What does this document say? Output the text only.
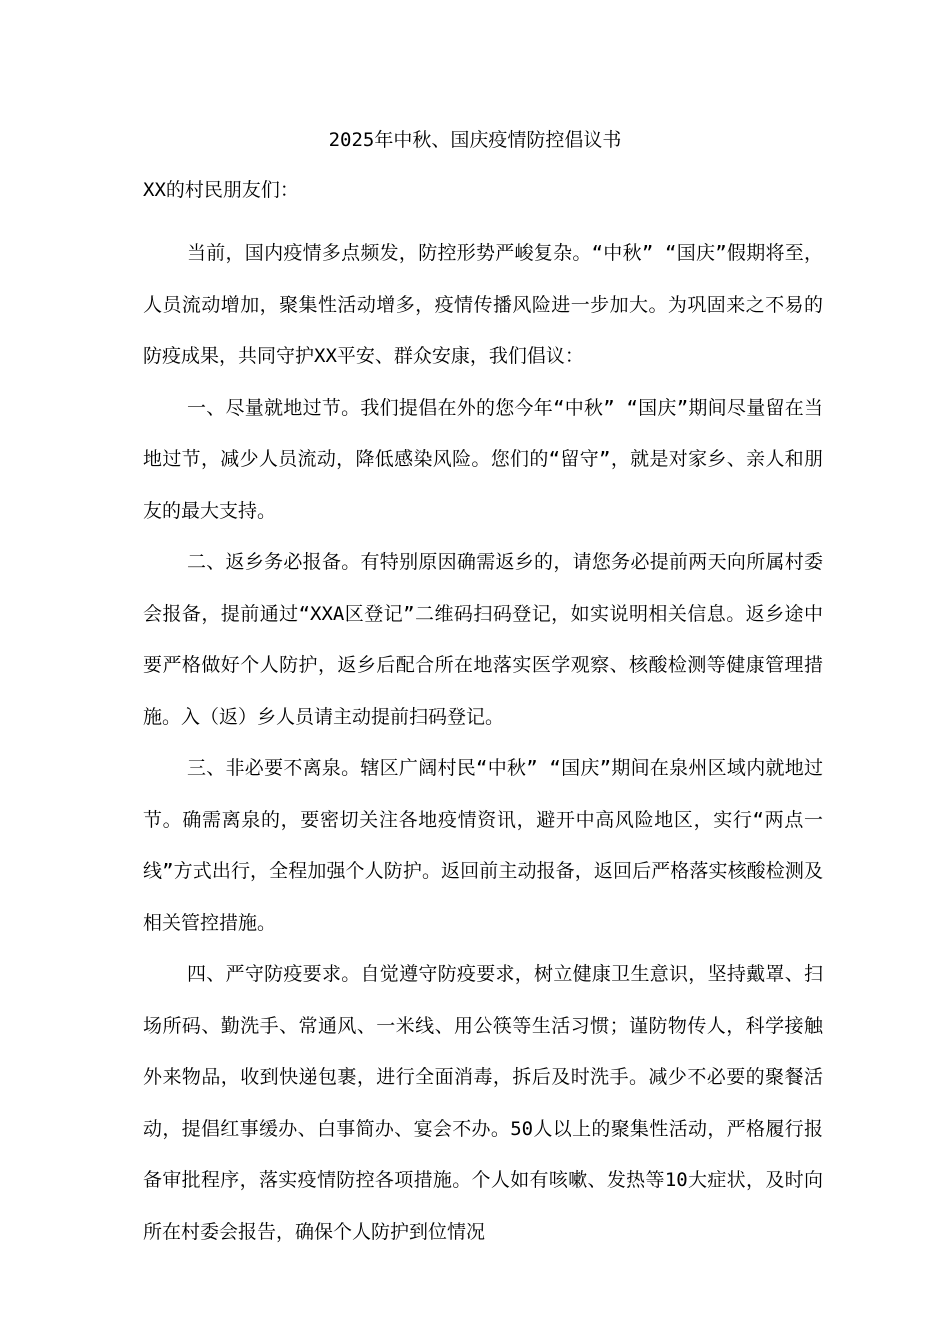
2025年中秋、国庆疫情防控倡议书
XX的村民朋友们：

当前，国内疫情多点频发，防控形势严峻复杂。“中秋” “国庆”假期将至，人员流动增加，聚集性活动增多，疫情传播风险进一步加大。为巩固来之不易的防疫成果，共同守护XX平安、群众安康，我们倡议：

一、尽量就地过节。我们提倡在外的您今年“中秋” “国庆”期间尽量留在当地过节，减少人员流动，降低感染风险。您们的“留守”，就是对家乡、亲人和朋友的最大支持。

二、返乡务必报备。有特别原因确需返乡的，请您务必提前两天向所属村委会报备，提前通过“XXA区登记”二维码扫码登记，如实说明相关信息。返乡途中要严格做好个人防护，返乡后配合所在地落实医学观察、核酸检测等健康管理措施。入（返）乡人员请主动提前扫码登记。

三、非必要不离泉。辖区广阔村民“中秋” “国庆”期间在泉州区域内就地过节。确需离泉的，要密切关注各地疫情资讯，避开中高风险地区，实行“两点一线”方式出行，全程加强个人防护。返回前主动报备，返回后严格落实核酸检测及相关管控措施。

四、严守防疫要求。自觉遵守防疫要求，树立健康卫生意识，坚持戴罩、扫场所码、勤洗手、常通风、一米线、用公筷等生活习惯；谨防物传人，科学接触外来物品，收到快递包裹，进行全面消毒，拆后及时洗手。减少不必要的聚餐活动，提倡红事缓办、白事简办、宴会不办。50人以上的聚集性活动，严格履行报备审批程序，落实疫情防控各项措施。个人如有咳嗽、发热等10大症状，及时向所在村委会报告，确保个人防护到位情况
